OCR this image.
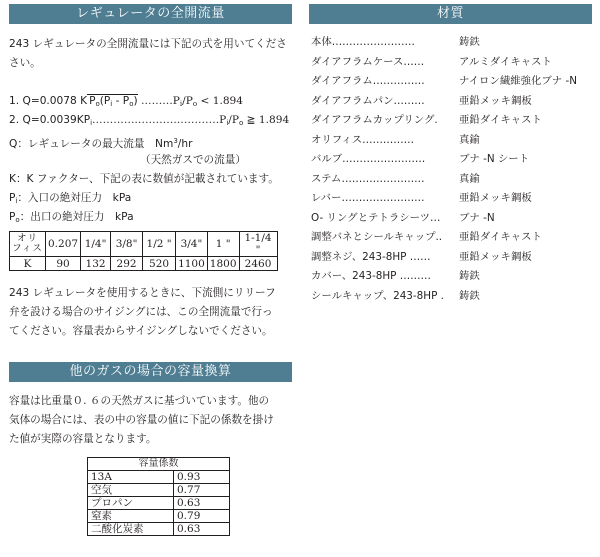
レギュレータの全開流量
243 レギュレータの全開流量には下記の式を用いてくださ
さい。
1. Q=0.0078 K $P_o(P_i - P_o)$ $\dots\dots\dots P_i/P_o < 1.894$
2. $Q=0.0039KP_i\dots\dots\dots\dots\dots\dots\dots\dots\dots\dots\dots\dots P_i/P_o$ ≧ 1.894
Q：レギュレータの最大流量　Nm$^3$/hr
（天然ガスでの流量）
K：K ファクター、下記の表に数値が記載されています。
$P_i$：入口の絶対圧力　kPa
$P_o$：出口の絶対圧力　kPa
オリ フィス	0.207	1/4"	3/8"	1/2 "	3/4"	1 "	1-1/4 "
K	90	132	292	520	1100	1800	2460
243 レギュレータを使用するときに、下流側にリリーフ
弁を設ける場合のサイジングには、この全開流量で行っ
てください。容量表からサイジングしないでください。
他のガスの場合の容量換算
容量は比重量０. ６の天然ガスに基づいています。他の
気体の場合には、表の中の容量の値に下記の係数を掛け
た値が実際の容量となります。
容量係数	
13A	0.93
空気	0.77
プロパン	0.63
窒素	0.79
二酸化炭素	0.63
材質
本体……………………	鋳鉄
ダイアフラムケース……	アルミダイキャスト
ダイアフラム……………	ナイロン繊維強化ブナ -N
ダイアフラムパン………	亜鉛メッキ鋼板
ダイアフラムカップリング. 亜鉛ダイキャスト
オリフィス……………	真鍮
バルブ……………………	ブナ -N シート
ステム……………………	真鍮
レバー……………………	亜鉛メッキ鋼板
O- リングとテトラシーツ… ブナ -N
調整バネとシールキャップ.. 亜鉛ダイキャスト
調整ネジ、243-8HP ……	亜鉛メッキ鋼板
カバー、243-8HP ………	鋳鉄
シールキャップ、243-8HP . 鋳鉄
